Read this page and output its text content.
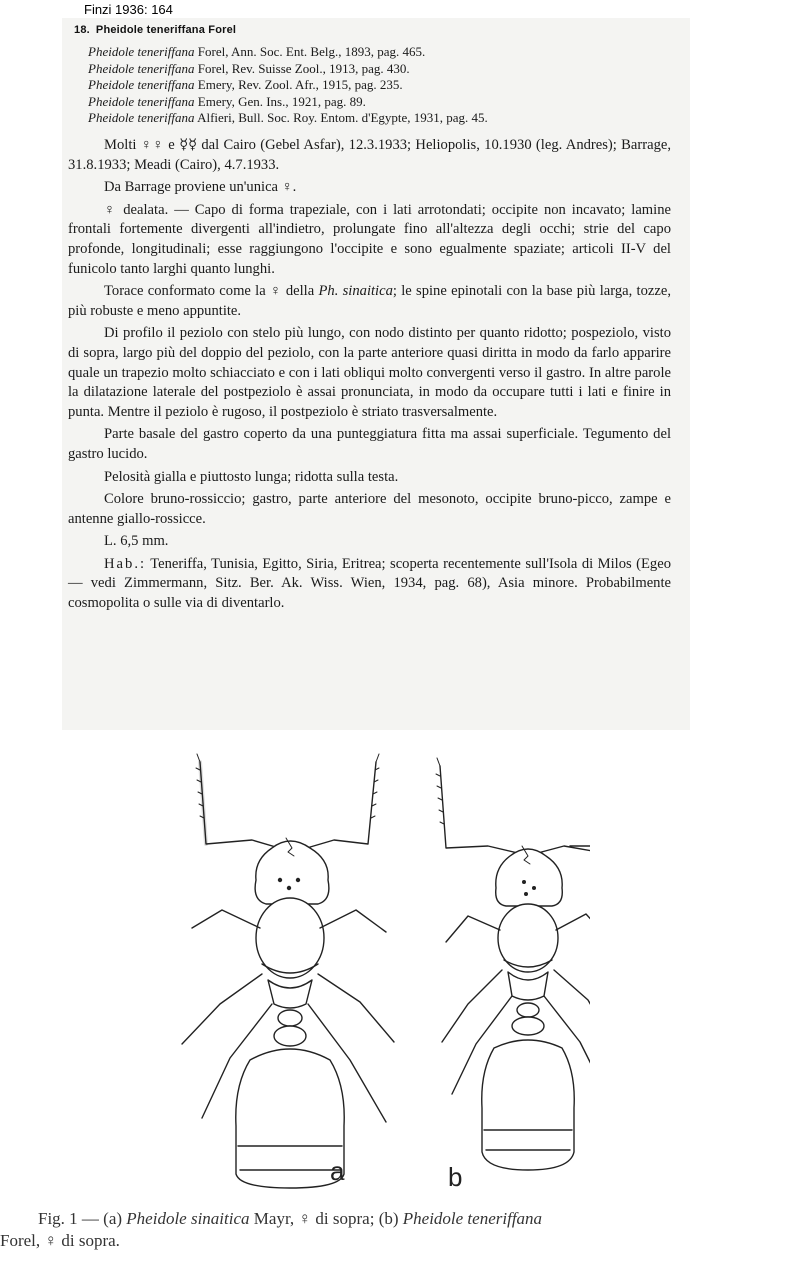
Finzi 1936: 164
18. Pheidole teneriffana Forel
Pheidole teneriffana Forel, Ann. Soc. Ent. Belg., 1893, pag. 465.
Pheidole teneriffana Forel, Rev. Suisse Zool., 1913, pag. 430.
Pheidole teneriffana Emery, Rev. Zool. Afr., 1915, pag. 235.
Pheidole teneriffana Emery, Gen. Ins., 1921, pag. 89.
Pheidole teneriffana Alfieri, Bull. Soc. Roy. Entom. d'Egypte, 1931, pag. 45.

Molti ♀♀ e ☿☿ dal Cairo (Gebel Asfar), 12.3.1933; Heliopolis, 10.1930 (leg. Andres); Barrage, 31.8.1933; Meadi (Cairo), 4.7.1933.

Da Barrage proviene un'unica ♀.

♀ dealata. — Capo di forma trapeziale, con i lati arrotondati; occipite non incavato; lamine frontali fortemente divergenti all'indietro, prolungate fino all'altezza degli occhi; strie del capo profonde, longitudinali; esse raggiungono l'occipite e sono egualmente spaziate; articoli II-V del funicolo tanto larghi quanto lunghi.

Torace conformato come la ♀ della Ph. sinaitica; le spine epinotali con la base più larga, tozze, più robuste e meno appuntite.

Di profilo il peziolo con stelo più lungo, con nodo distinto per quanto ridotto; pospeziolo, visto di sopra, largo più del doppio del peziolo, con la parte anteriore quasi diritta in modo da farlo apparire quale un trapezio molto schiacciato e con i lati obliqui molto convergenti verso il gastro. In altre parole la dilatazione laterale del postpeziolo è assai pronunciata, in modo da occupare tutti i lati e finire in punta. Mentre il peziolo è rugoso, il postpeziolo è striato trasversalmente.

Parte basale del gastro coperto da una punteggiatura fitta ma assai superficiale. Tegumento del gastro lucido.

Pelosità gialla e piuttosto lunga; ridotta sulla testa.

Colore bruno-rossiccio; gastro, parte anteriore del mesonoto, occipite bruno-picco, zampe e antenne giallo-rossicce.

L. 6,5 mm.

Hab.: Teneriffa, Tunisia, Egitto, Siria, Eritrea; scoperta recentemente sull'Isola di Milos (Egeo — vedi Zimmermann, Sitz. Ber. Ak. Wiss. Wien, 1934, pag. 68), Asia minore. Probabilmente cosmopolita o sulle via di diventarlo.

a	b
Fig. 1 — (a) Pheidole sinaitica Mayr, ♀ di sopra; (b) Pheidole teneriffana
Forel, ♀ di sopra.
